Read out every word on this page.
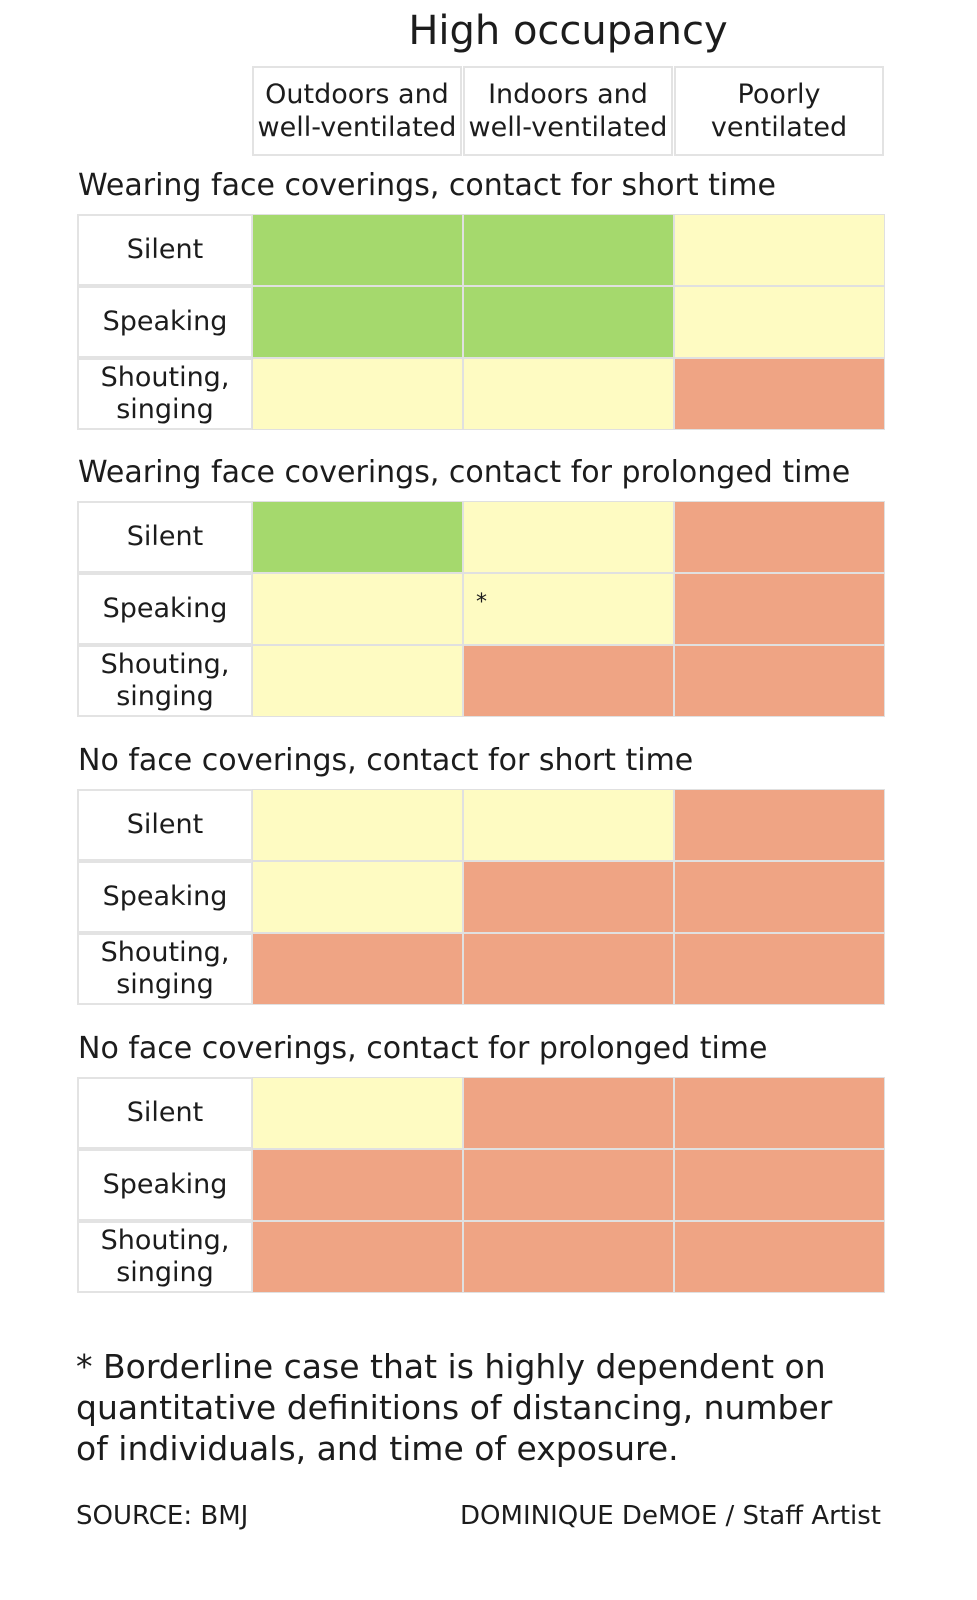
High occupancy
Outdoors and
well-ventilated
Indoors and
well-ventilated
Poorly
ventilated
Wearing face coverings, contact for short time
Silent
Speaking
Shouting,
singing
Wearing face coverings, contact for prolonged time
Silent
Speaking	*
Shouting,
singing
No face coverings, contact for short time
Silent
Speaking
Shouting,
singing
No face coverings, contact for prolonged time
Silent
Speaking
Shouting,
singing
* Borderline case that is highly dependent on quantitative definitions of distancing, number of individuals, and time of exposure.
SOURCE: BMJ	DOMINIQUE DeMOE / Staff Artist
